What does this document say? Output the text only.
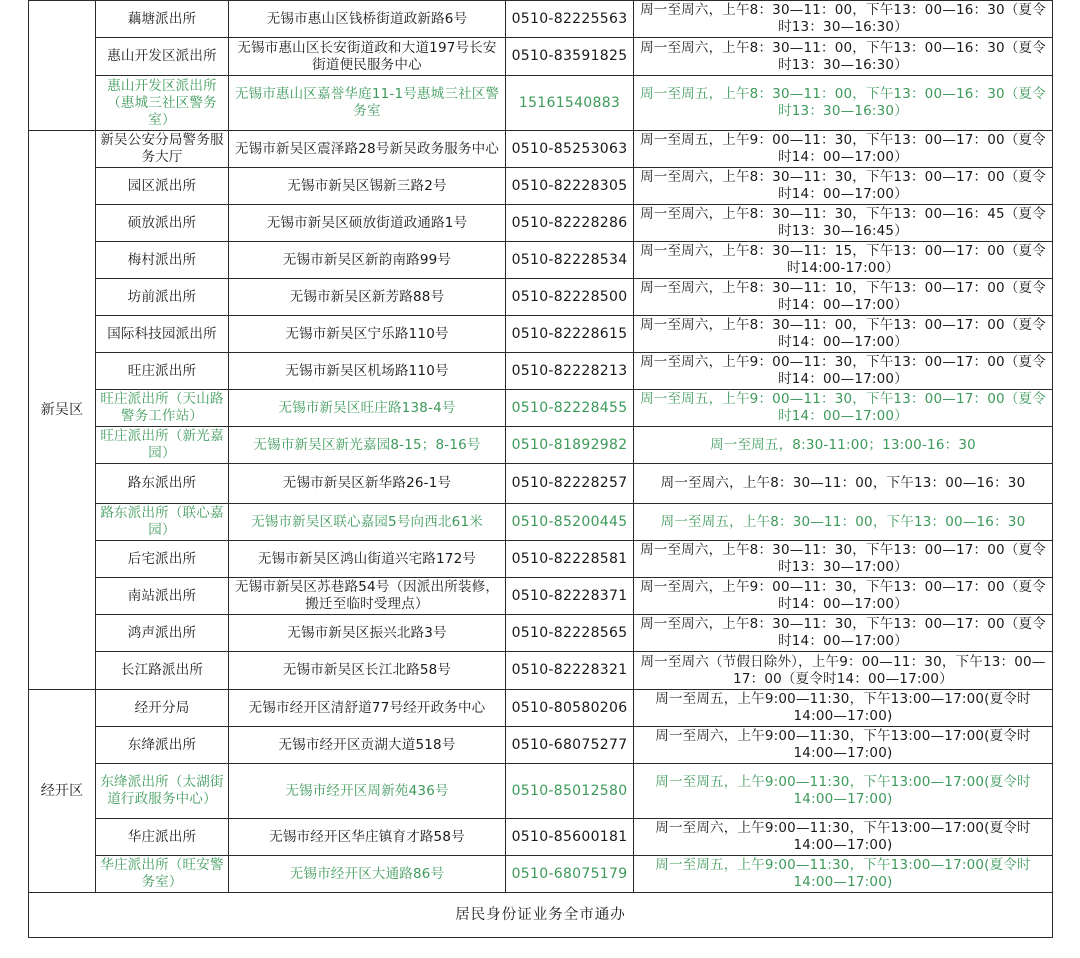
	藕塘派出所	无锡市惠山区钱桥街道政新路6号	0510-82225563	周一至周六，上午8：30—11：00，下午13：00—16：30（夏令时13：30—16:30）
	惠山开发区派出所	无锡市惠山区长安街道政和大道197号长安街道便民服务中心	0510-83591825	周一至周六，上午8：30—11：00，下午13：00—16：30（夏令时13：30—16:30）
	惠山开发区派出所（惠城三社区警务室）	无锡市惠山区嘉誉华庭11-1号惠城三社区警务室	15161540883	周一至周五，上午8：30—11：00，下午13：00—16：30（夏令时13：30—16:30）
新吴区	新吴公安分局警务服务大厅	无锡市新吴区震泽路28号新吴政务服务中心	0510-85253063	周一至周五，上午9：00—11：30，下午13：00—17：00（夏令时14：00—17:00）
	园区派出所	无锡市新吴区锡新三路2号	0510-82228305	周一至周六，上午8：30—11：30，下午13：00—17：00（夏令时14：00—17:00）
	硕放派出所	无锡市新吴区硕放街道政通路1号	0510-82228286	周一至周六，上午8：30—11：30，下午13：00—16：45（夏令时13：30—16:45）
	梅村派出所	无锡市新吴区新韵南路99号	0510-82228534	周一至周六，上午8：30—11：15，下午13：00—17：00（夏令时14:00-17:00）
	坊前派出所	无锡市新吴区新芳路88号	0510-82228500	周一至周六，上午8：30—11：10，下午13：00—17：00（夏令时14：00—17:00）
	国际科技园派出所	无锡市新吴区宁乐路110号	0510-82228615	周一至周六，上午8：30—11：00，下午13：00—17：00（夏令时14：00—17:00）
	旺庄派出所	无锡市新吴区机场路110号	0510-82228213	周一至周六，上午9：00—11：30，下午13：00—17：00（夏令时14：00—17:00）
	旺庄派出所（天山路警务工作站）	无锡市新吴区旺庄路138-4号	0510-82228455	周一至周五，上午9：00—11：30，下午13：00—17：00（夏令时14：00—17:00）
	旺庄派出所（新光嘉园）	无锡市新吴区新光嘉园8-15；8-16号	0510-81892982	周一至周五，8:30-11:00；13:00-16：30
	路东派出所	无锡市新吴区新华路26-1号	0510-82228257	周一至周六，上午8：30—11：00，下午13：00—16：30
	路东派出所（联心嘉园）	无锡市新吴区联心嘉园5号向西北61米	0510-85200445	周一至周五，上午8：30—11：00，下午13：00—16：30
	后宅派出所	无锡市新吴区鸿山街道兴宅路172号	0510-82228581	周一至周六，上午8：30—11：30，下午13：00—17：00（夏令时13：30—17:00）
	南站派出所	无锡市新吴区苏巷路54号（因派出所装修，搬迁至临时受理点）	0510-82228371	周一至周六，上午9：00—11：30，下午13：00—17：00（夏令时14：00—17:00）
	鸿声派出所	无锡市新吴区振兴北路3号	0510-82228565	周一至周六，上午8：30—11：30，下午13：00—17：00（夏令时14：00—17:00）
	长江路派出所	无锡市新吴区长江北路58号	0510-82228321	周一至周六（节假日除外），上午9：00—11：30，下午13：00—17：00（夏令时14：00—17:00）
经开区	经开分局	无锡市经开区清舒道77号经开政务中心	0510-80580206	周一至周五，上午9:00—11:30，下午13:00—17:00(夏令时14:00—17:00)
	东绛派出所	无锡市经开区贡湖大道518号	0510-68075277	周一至周六，上午9:00—11:30，下午13:00—17:00(夏令时14:00—17:00)
	东绛派出所（太湖街道行政服务中心）	无锡市经开区周新苑436号	0510-85012580	周一至周五，上午9:00—11:30，下午13:00—17:00(夏令时14:00—17:00)
	华庄派出所	无锡市经开区华庄镇育才路58号	0510-85600181	周一至周六，上午9:00—11:30，下午13:00—17:00(夏令时14:00—17:00)
	华庄派出所（旺安警务室）	无锡市经开区大通路86号	0510-68075179	周一至周五，上午9:00—11:30，下午13:00—17:00(夏令时14:00—17:00)
居民身份证业务全市通办				
